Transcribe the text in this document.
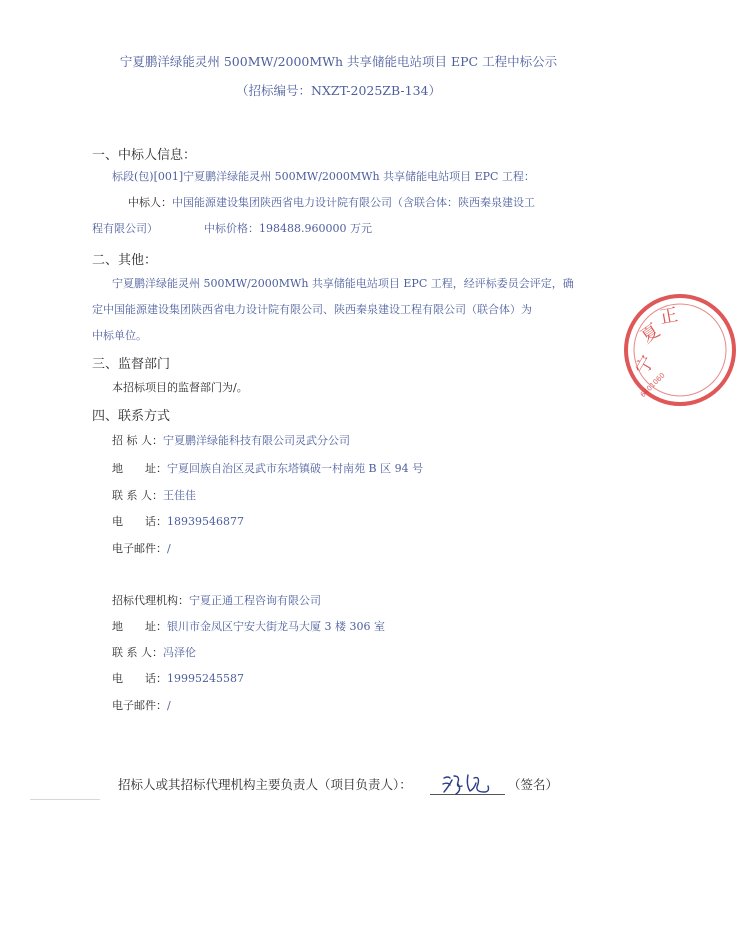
宁夏鹏洋绿能灵州 500MW/2000MWh 共享储能电站项目 EPC 工程中标公示
（招标编号：NXZT-2025ZB-134）
一、中标人信息：
标段(包)[001]宁夏鹏洋绿能灵州 500MW/2000MWh 共享储能电站项目 EPC 工程：
中标人：中国能源建设集团陕西省电力设计院有限公司（含联合体：陕西秦泉建设工
程有限公司）	中标价格：198488.960000 万元
二、其他：
宁夏鹏洋绿能灵州 500MW/2000MWh 共享储能电站项目 EPC 工程，经评标委员会评定，确
定中国能源建设集团陕西省电力设计院有限公司、陕西秦泉建设工程有限公司（联合体）为
中标单位。
三、监督部门
本招标项目的监督部门为/。
四、联系方式
招 标 人：宁夏鹏洋绿能科技有限公司灵武分公司
地　　址：宁夏回族自治区灵武市东塔镇破一村南苑 B 区 94 号
联 系 人：王佳佳
电　　话：18939546877
电子邮件：/
招标代理机构：宁夏正通工程咨询有限公司
地　　址：银川市金凤区宁安大街龙马大厦 3 楼 306 室
联 系 人：冯泽伦
电　　话：19995245587
电子邮件：/
招标人或其招标代理机构主要负责人（项目负责人）：	（签名）
宁
夏
正
6401060
